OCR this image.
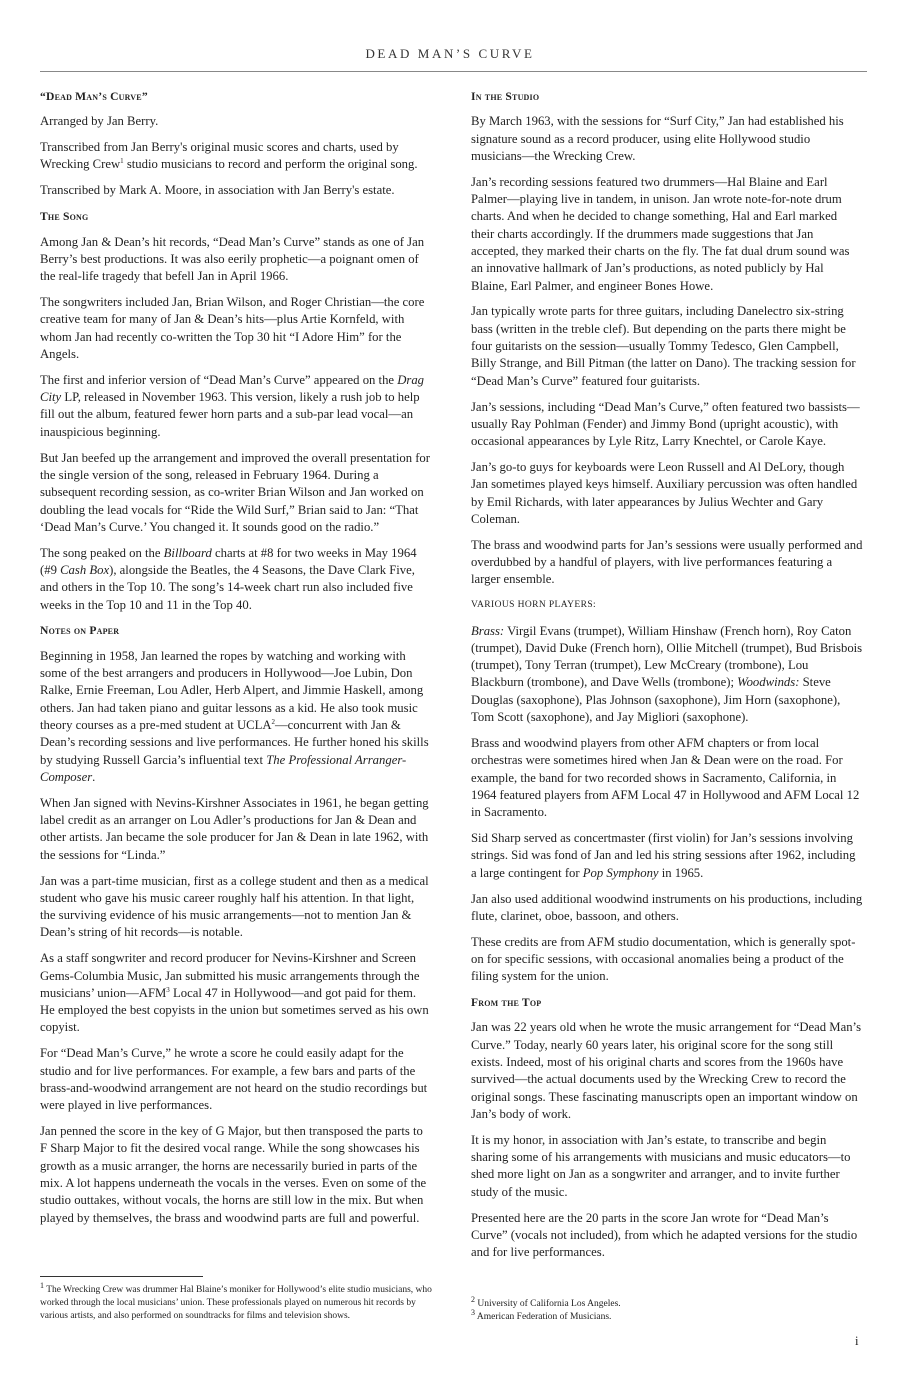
DEAD MAN’S CURVE
“Dead Man’s Curve”

Arranged by Jan Berry.

Transcribed from Jan Berry's original music scores and charts, used by Wrecking Crew$^1$ studio musicians to record and perform the original song.

Transcribed by Mark A. Moore, in association with Jan Berry's estate.

The Song

Among Jan & Dean’s hit records, “Dead Man’s Curve” stands as one of Jan Berry’s best productions. It was also eerily prophetic—a poignant omen of the real-life tragedy that befell Jan in April 1966.

The songwriters included Jan, Brian Wilson, and Roger Christian—the core creative team for many of Jan & Dean’s hits—plus Artie Kornfeld, with whom Jan had recently co-written the Top 30 hit “I Adore Him” for the Angels.

The first and inferior version of “Dead Man’s Curve” appeared on the Drag City LP, released in November 1963. This version, likely a rush job to help fill out the album, featured fewer horn parts and a sub-par lead vocal—an inauspicious beginning.

But Jan beefed up the arrangement and improved the overall presentation for the single version of the song, released in February 1964. During a subsequent recording session, as co-writer Brian Wilson and Jan worked on doubling the lead vocals for “Ride the Wild Surf,” Brian said to Jan: “That ‘Dead Man’s Curve.’ You changed it. It sounds good on the radio.”

The song peaked on the Billboard charts at #8 for two weeks in May 1964 (#9 Cash Box), alongside the Beatles, the 4 Seasons, the Dave Clark Five, and others in the Top 10. The song’s 14-week chart run also included five weeks in the Top 10 and 11 in the Top 40.

Notes on Paper

Beginning in 1958, Jan learned the ropes by watching and working with some of the best arrangers and producers in Hollywood—Joe Lubin, Don Ralke, Ernie Freeman, Lou Adler, Herb Alpert, and Jimmie Haskell, among others. Jan had taken piano and guitar lessons as a kid. He also took music theory courses as a pre-med student at UCLA$^2$—concurrent with Jan & Dean’s recording sessions and live performances. He further honed his skills by studying Russell Garcia’s influential text The Professional Arranger-Composer.

When Jan signed with Nevins-Kirshner Associates in 1961, he began getting label credit as an arranger on Lou Adler’s productions for Jan & Dean and other artists. Jan became the sole producer for Jan & Dean in late 1962, with the sessions for “Linda.”

Jan was a part-time musician, first as a college student and then as a medical student who gave his music career roughly half his attention. In that light, the surviving evidence of his music arrangements—not to mention Jan & Dean’s string of hit records—is notable.

As a staff songwriter and record producer for Nevins-Kirshner and Screen Gems-Columbia Music, Jan submitted his music arrangements through the musicians’ union—AFM$^3$ Local 47 in Hollywood—and got paid for them. He employed the best copyists in the union but sometimes served as his own copyist.

For “Dead Man’s Curve,” he wrote a score he could easily adapt for the studio and for live performances. For example, a few bars and parts of the brass-and-woodwind arrangement are not heard on the studio recordings but were played in live performances.

Jan penned the score in the key of G Major, but then transposed the parts to F Sharp Major to fit the desired vocal range. While the song showcases his growth as a music arranger, the horns are necessarily buried in parts of the mix. A lot happens underneath the vocals in the verses. Even on some of the studio outtakes, without vocals, the horns are still low in the mix. But when played by themselves, the brass and woodwind parts are full and powerful.

In the Studio

By March 1963, with the sessions for “Surf City,” Jan had established his signature sound as a record producer, using elite Hollywood studio musicians—the Wrecking Crew.

Jan’s recording sessions featured two drummers—Hal Blaine and Earl Palmer—playing live in tandem, in unison. Jan wrote note-for-note drum charts. And when he decided to change something, Hal and Earl marked their charts accordingly. If the drummers made suggestions that Jan accepted, they marked their charts on the fly. The fat dual drum sound was an innovative hallmark of Jan’s productions, as noted publicly by Hal Blaine, Earl Palmer, and engineer Bones Howe.

Jan typically wrote parts for three guitars, including Danelectro six-string bass (written in the treble clef). But depending on the parts there might be four guitarists on the session—usually Tommy Tedesco, Glen Campbell, Billy Strange, and Bill Pitman (the latter on Dano). The tracking session for “Dead Man’s Curve” featured four guitarists.

Jan’s sessions, including “Dead Man’s Curve,” often featured two bassists—usually Ray Pohlman (Fender) and Jimmy Bond (upright acoustic), with occasional appearances by Lyle Ritz, Larry Knechtel, or Carole Kaye.

Jan’s go-to guys for keyboards were Leon Russell and Al DeLory, though Jan sometimes played keys himself. Auxiliary percussion was often handled by Emil Richards, with later appearances by Julius Wechter and Gary Coleman.

The brass and woodwind parts for Jan’s sessions were usually performed and overdubbed by a handful of players, with live performances featuring a larger ensemble.

VARIOUS HORN PLAYERS:

Brass: Virgil Evans (trumpet), William Hinshaw (French horn), Roy Caton (trumpet), David Duke (French horn), Ollie Mitchell (trumpet), Bud Brisbois (trumpet), Tony Terran (trumpet), Lew McCreary (trombone), Lou Blackburn (trombone), and Dave Wells (trombone); Woodwinds: Steve Douglas (saxophone), Plas Johnson (saxophone), Jim Horn (saxophone), Tom Scott (saxophone), and Jay Migliori (saxophone).

Brass and woodwind players from other AFM chapters or from local orchestras were sometimes hired when Jan & Dean were on the road. For example, the band for two recorded shows in Sacramento, California, in 1964 featured players from AFM Local 47 in Hollywood and AFM Local 12 in Sacramento.

Sid Sharp served as concertmaster (first violin) for Jan’s sessions involving strings. Sid was fond of Jan and led his string sessions after 1962, including a large contingent for Pop Symphony in 1965.

Jan also used additional woodwind instruments on his productions, including flute, clarinet, oboe, bassoon, and others.

These credits are from AFM studio documentation, which is generally spot-on for specific sessions, with occasional anomalies being a product of the filing system for the union.

From the Top

Jan was 22 years old when he wrote the music arrangement for “Dead Man’s Curve.” Today, nearly 60 years later, his original score for the song still exists. Indeed, most of his original charts and scores from the 1960s have survived—the actual documents used by the Wrecking Crew to record the original songs. These fascinating manuscripts open an important window on Jan’s body of work.

It is my honor, in association with Jan’s estate, to transcribe and begin sharing some of his arrangements with musicians and music educators—to shed more light on Jan as a songwriter and arranger, and to invite further study of the music.

Presented here are the 20 parts in the score Jan wrote for “Dead Man’s Curve” (vocals not included), from which he adapted versions for the studio and for live performances.

$^1$ The Wrecking Crew was drummer Hal Blaine’s moniker for Hollywood’s elite studio musicians, who worked through the local musicians’ union. These professionals played on numerous hit records by various artists, and also performed on soundtracks for films and television shows.
$^2$ University of California Los Angeles.
$^3$ American Federation of Musicians.
i
